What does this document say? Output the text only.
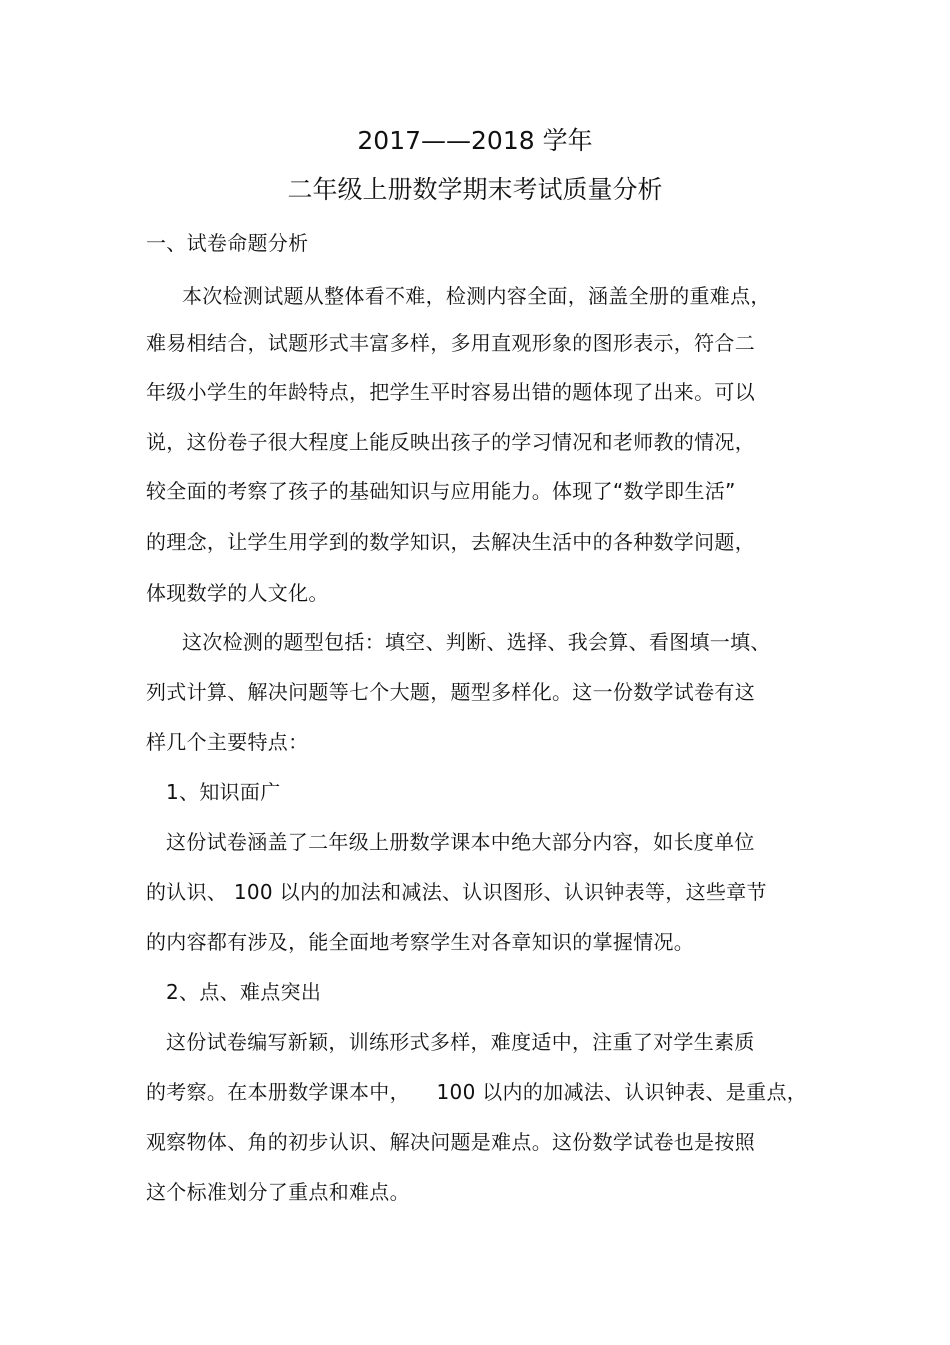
2017——2018 学年
二年级上册数学期末考试质量分析
一、试卷命题分析
本次检测试题从整体看不难，检测内容全面，涵盖全册的重难点，
难易相结合，试题形式丰富多样，多用直观形象的图形表示，符合二
年级小学生的年龄特点，把学生平时容易出错的题体现了出来。可以
说，这份卷子很大程度上能反映出孩子的学习情况和老师教的情况，
较全面的考察了孩子的基础知识与应用能力。体现了“数学即生活”
的理念，让学生用学到的数学知识，去解决生活中的各种数学问题，
体现数学的人文化。
这次检测的题型包括：填空、判断、选择、我会算、看图填一填、
列式计算、解决问题等七个大题，题型多样化。这一份数学试卷有这
样几个主要特点：
1、知识面广
这份试卷涵盖了二年级上册数学课本中绝大部分内容，如长度单位
的认识、 100 以内的加法和减法、认识图形、认识钟表等，这些章节
的内容都有涉及，能全面地考察学生对各章知识的掌握情况。
2、点、难点突出
这份试卷编写新颖，训练形式多样，难度适中，注重了对学生素质
的考察。在本册数学课本中，    100 以内的加减法、认识钟表、是重点，
观察物体、角的初步认识、解决问题是难点。这份数学试卷也是按照
这个标准划分了重点和难点。
